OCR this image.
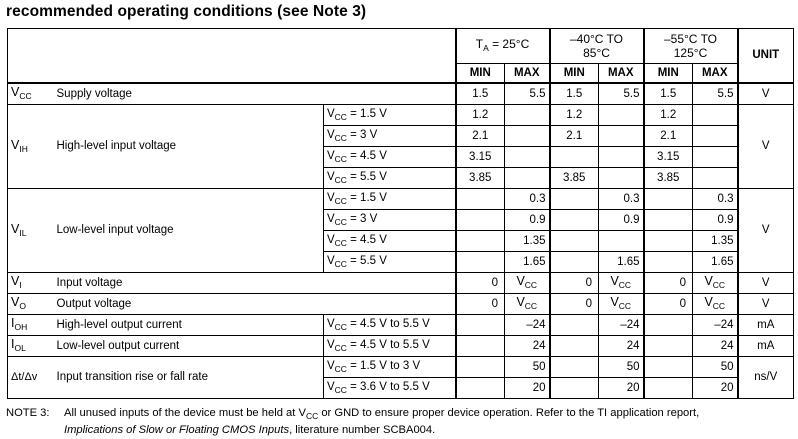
recommended operating conditions (see Note 3)
			$T_A = 25^\circ C$		–40°C TO
85°C		–55°C TO
125°C		UNIT
			MIN	MAX	MIN	MAX	MIN	MAX	
$V_{CC}$	Supply voltage		1.5	5.5	1.5	5.5	1.5	5.5	V
$V_{IH}$	High-level input voltage	$V_{CC} = 1.5$ V	1.2		1.2		1.2		V
		$V_{CC} = 3$ V	2.1		2.1		2.1		
		$V_{CC} = 4.5$ V	3.15				3.15		
		$V_{CC} = 5.5$ V	3.85		3.85		3.85		
$V_{IL}$	Low-level input voltage	$V_{CC} = 1.5$ V		0.3		0.3		0.3	V
		$V_{CC} = 3$ V		0.9		0.9		0.9	
		$V_{CC} = 4.5$ V		1.35				1.35	
		$V_{CC} = 5.5$ V		1.65		1.65		1.65	
$V_I$	Input voltage		0	$V_{CC}$	0	$V_{CC}$	0	$V_{CC}$	V
$V_O$	Output voltage		0	$V_{CC}$	0	$V_{CC}$	0	$V_{CC}$	V
$I_{OH}$	High-level output current	$V_{CC} = 4.5$ V to 5.5 V		–24		–24		–24	mA
$I_{OL}$	Low-level output current	$V_{CC} = 4.5$ V to 5.5 V		24		24		24	mA
Δt/Δv	Input transition rise or fall rate	$V_{CC} = 1.5$ V to 3 V		50		50		50	ns/V
		$V_{CC} = 3.6$ V to 5.5 V		20		20		20	
NOTE 3: All unused inputs of the device must be held at $V_{CC}$ or GND to ensure proper device operation. Refer to the TI application report,
Implications of Slow or Floating CMOS Inputs, literature number SCBA004.
